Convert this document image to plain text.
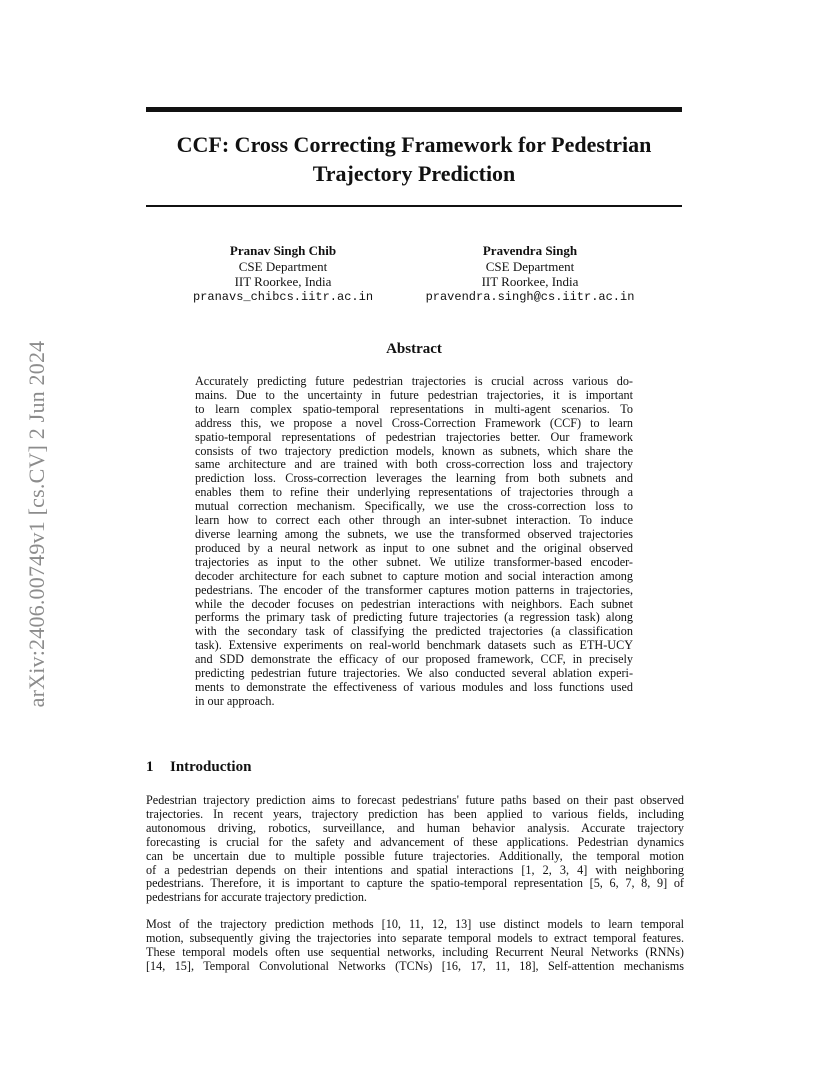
CCF: Cross Correcting Framework for Pedestrian
Trajectory Prediction
Pranav Singh Chib
CSE Department
IIT Roorkee, India
pranavs_chibcs.iitr.ac.in
Pravendra Singh
CSE Department
IIT Roorkee, India
pravendra.singh@cs.iitr.ac.in
arXiv:2406.00749v1 [cs.CV] 2 Jun 2024	Abstract
Accurately predicting future pedestrian trajectories is crucial across various do-
mains. Due to the uncertainty in future pedestrian trajectories, it is important
to learn complex spatio-temporal representations in multi-agent scenarios. To
address this, we propose a novel Cross-Correction Framework (CCF) to learn
spatio-temporal representations of pedestrian trajectories better. Our framework
consists of two trajectory prediction models, known as subnets, which share the
same architecture and are trained with both cross-correction loss and trajectory
prediction loss. Cross-correction leverages the learning from both subnets and
enables them to refine their underlying representations of trajectories through a
mutual correction mechanism. Specifically, we use the cross-correction loss to
learn how to correct each other through an inter-subnet interaction. To induce
diverse learning among the subnets, we use the transformed observed trajectories
produced by a neural network as input to one subnet and the original observed
trajectories as input to the other subnet. We utilize transformer-based encoder-
decoder architecture for each subnet to capture motion and social interaction among
pedestrians. The encoder of the transformer captures motion patterns in trajectories,
while the decoder focuses on pedestrian interactions with neighbors. Each subnet
performs the primary task of predicting future trajectories (a regression task) along
with the secondary task of classifying the predicted trajectories (a classification
task). Extensive experiments on real-world benchmark datasets such as ETH-UCY
and SDD demonstrate the efficacy of our proposed framework, CCF, in precisely
predicting pedestrian future trajectories. We also conducted several ablation experi-
ments to demonstrate the effectiveness of various modules and loss functions used
in our approach.
1 Introduction
Pedestrian trajectory prediction aims to forecast pedestrians' future paths based on their past observed
trajectories. In recent years, trajectory prediction has been applied to various fields, including
autonomous driving, robotics, surveillance, and human behavior analysis. Accurate trajectory
forecasting is crucial for the safety and advancement of these applications. Pedestrian dynamics
can be uncertain due to multiple possible future trajectories. Additionally, the temporal motion
of a pedestrian depends on their intentions and spatial interactions [1, 2, 3, 4] with neighboring
pedestrians. Therefore, it is important to capture the spatio-temporal representation [5, 6, 7, 8, 9] of
pedestrians for accurate trajectory prediction.
Most of the trajectory prediction methods [10, 11, 12, 13] use distinct models to learn temporal
motion, subsequently giving the trajectories into separate temporal models to extract temporal features.
These temporal models often use sequential networks, including Recurrent Neural Networks (RNNs)
[14, 15], Temporal Convolutional Networks (TCNs) [16, 17, 11, 18], Self-attention mechanisms
